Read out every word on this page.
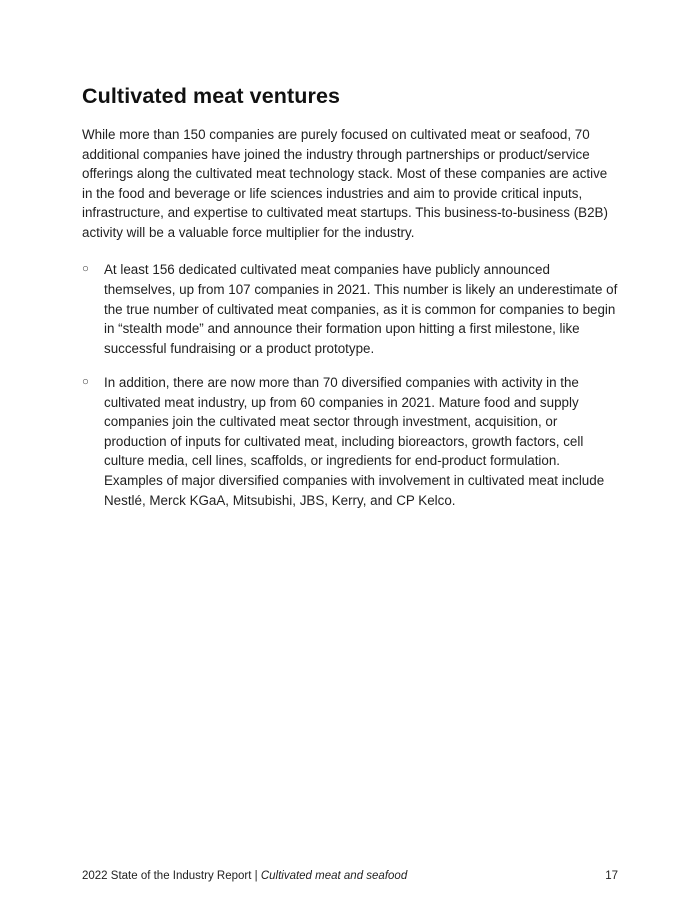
Cultivated meat ventures

While more than 150 companies are purely focused on cultivated meat or seafood, 70 additional companies have joined the industry through partnerships or product/service offerings along the cultivated meat technology stack. Most of these companies are active in the food and beverage or life sciences industries and aim to provide critical inputs, infrastructure, and expertise to cultivated meat startups. This business-to-business (B2B) activity will be a valuable force multiplier for the industry.

○ At least 156 dedicated cultivated meat companies have publicly announced themselves, up from 107 companies in 2021. This number is likely an underestimate of the true number of cultivated meat companies, as it is common for companies to begin in “stealth mode” and announce their formation upon hitting a first milestone, like successful fundraising or a product prototype.
○ In addition, there are now more than 70 diversified companies with activity in the cultivated meat industry, up from 60 companies in 2021. Mature food and supply companies join the cultivated meat sector through investment, acquisition, or production of inputs for cultivated meat, including bioreactors, growth factors, cell culture media, cell lines, scaffolds, or ingredients for end-product formulation. Examples of major diversified companies with involvement in cultivated meat include Nestlé, Merck KGaA, Mitsubishi, JBS, Kerry, and CP Kelco.
2022 State of the Industry Report | Cultivated meat and seafood	17
